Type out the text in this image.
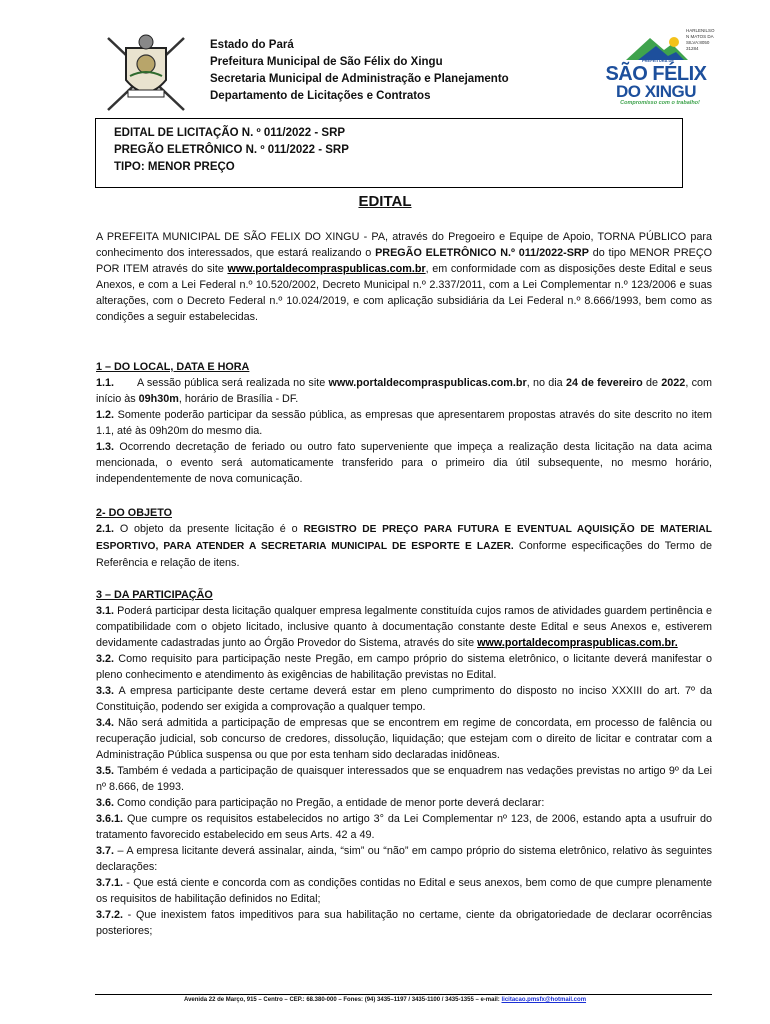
Estado do Pará
Prefeitura Municipal de São Félix do Xingu
Secretaria Municipal de Administração e Planejamento
Departamento de Licitações e Contratos
PREFEITURA DE
SÃO FÉLIX
DO XINGU
Compromisso com o trabalho!
HARLENILSO
N MATOS DA
SILVA:8050
31284
EDITAL DE LICITAÇÃO N. º 011/2022 - SRP
PREGÃO ELETRÔNICO N. º 011/2022 - SRP
TIPO: MENOR PREÇO
EDITAL

A PREFEITA MUNICIPAL DE SÃO FELIX DO XINGU - PA, através do Pregoeiro e Equipe de Apoio, TORNA PÚBLICO para conhecimento dos interessados, que estará realizando o PREGÃO ELETRÔNICO N.º 011/2022-SRP do tipo MENOR PREÇO POR ITEM através do site www.portaldecompraspublicas.com.br, em conformidade com as disposições deste Edital e seus Anexos, e com a Lei Federal n.º 10.520/2002, Decreto Municipal n.º 2.337/2011, com a Lei Complementar n.º 123/2006 e suas alterações, com o Decreto Federal n.º 10.024/2019, e com aplicação subsidiária da Lei Federal n.º 8.666/1993, bem como as condições a seguir estabelecidas.

1 – DO LOCAL, DATA E HORA

1.1. A sessão pública será realizada no site www.portaldecompraspublicas.com.br, no dia 24 de fevereiro de 2022, com início às 09h30m, horário de Brasília - DF.

1.2. Somente poderão participar da sessão pública, as empresas que apresentarem propostas através do site descrito no item 1.1, até às 09h20m do mesmo dia.

1.3. Ocorrendo decretação de feriado ou outro fato superveniente que impeça a realização desta licitação na data acima mencionada, o evento será automaticamente transferido para o primeiro dia útil subsequente, no mesmo horário, independentemente de nova comunicação.

2- DO OBJETO

2.1. O objeto da presente licitação é o REGISTRO DE PREÇO PARA FUTURA E EVENTUAL AQUISIÇÃO DE MATERIAL ESPORTIVO, PARA ATENDER A SECRETARIA MUNICIPAL DE ESPORTE E LAZER. Conforme especificações do Termo de Referência e relação de itens.

3 – DA PARTICIPAÇÃO

3.1. Poderá participar desta licitação qualquer empresa legalmente constituída cujos ramos de atividades guardem pertinência e compatibilidade com o objeto licitado, inclusive quanto à documentação constante deste Edital e seus Anexos e, estiverem devidamente cadastradas junto ao Órgão Provedor do Sistema, através do site www.portaldecompraspublicas.com.br.

3.2. Como requisito para participação neste Pregão, em campo próprio do sistema eletrônico, o licitante deverá manifestar o pleno conhecimento e atendimento às exigências de habilitação previstas no Edital.

3.3. A empresa participante deste certame deverá estar em pleno cumprimento do disposto no inciso XXXIII do art. 7º da Constituição, podendo ser exigida a comprovação a qualquer tempo.

3.4. Não será admitida a participação de empresas que se encontrem em regime de concordata, em processo de falência ou recuperação judicial, sob concurso de credores, dissolução, liquidação; que estejam com o direito de licitar e contratar com a Administração Pública suspensa ou que por esta tenham sido declaradas inidôneas.

3.5. Também é vedada a participação de quaisquer interessados que se enquadrem nas vedações previstas no artigo 9º da Lei nº 8.666, de 1993.

3.6. Como condição para participação no Pregão, a entidade de menor porte deverá declarar:

3.6.1. Que cumpre os requisitos estabelecidos no artigo 3° da Lei Complementar nº 123, de 2006, estando apta a usufruir do tratamento favorecido estabelecido em seus Arts. 42 a 49.

3.7. – A empresa licitante deverá assinalar, ainda, “sim” ou “não” em campo próprio do sistema eletrônico, relativo às seguintes declarações:

3.7.1. - Que está ciente e concorda com as condições contidas no Edital e seus anexos, bem como de que cumpre plenamente os requisitos de habilitação definidos no Edital;

3.7.2. - Que inexistem fatos impeditivos para sua habilitação no certame, ciente da obrigatoriedade de declarar ocorrências posteriores;

Avenida 22 de Março, 915 – Centro – CEP.: 68.380-000 – Fones: (94) 3435–1197 / 3435-1100 / 3435-1355 – e-mail: licitacao.pmsfx@hotmail.com
